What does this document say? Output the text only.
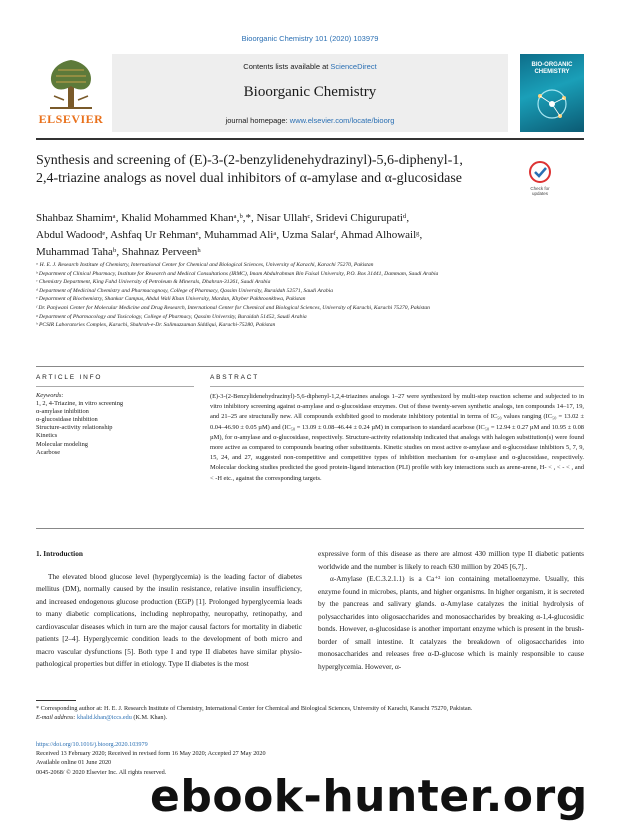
Bioorganic Chemistry 101 (2020) 103979
ELSEVIER
Contents lists available at ScienceDirect
Bioorganic Chemistry
journal homepage: www.elsevier.com/locate/bioorg
BIO-ORGANIC CHEMISTRY
Synthesis and screening of (E)-3-(2-benzylidenehydrazinyl)-5,6-diphenyl-1,
2,4-triazine analogs as novel dual inhibitors of α-amylase and α-glucosidase
Check for updates
Shahbaz Shamimᵃ, Khalid Mohammed Khanᵃ,ᵇ,*, Nisar Ullahᶜ, Sridevi Chigurupatiᵈ,
Abdul Wadoodᵉ, Ashfaq Ur Rehmanᵉ, Muhammad Aliᵃ, Uzma Salarᶠ, Ahmad Alhowailᵍ,
Muhammad Tahaᵇ, Shahnaz Perveenʰ

ᵃ H. E. J. Research Institute of Chemistry, International Center for Chemical and Biological Sciences, University of Karachi, Karachi 75270, Pakistan

ᵇ Department of Clinical Pharmacy, Institute for Research and Medical Consultations (IRMC), Imam Abdulrahman Bin Faisal University, P.O. Box 31441, Dammam, Saudi Arabia

ᶜ Chemistry Department, King Fahd University of Petroleum & Minerals, Dhahran-31261, Saudi Arabia

ᵈ Department of Medicinal Chemistry and Pharmacognosy, College of Pharmacy, Qassim University, Buraidah 52571, Saudi Arabia

ᵉ Department of Biochemistry, Shankar Campus, Abdul Wali Khan University, Mardan, Khyber Pakhtoonkhwa, Pakistan

ᶠ Dr. Panjwani Center for Molecular Medicine and Drug Research, International Center for Chemical and Biological Sciences, University of Karachi, Karachi 75270, Pakistan

ᵍ Department of Pharmacology and Toxicology, College of Pharmacy, Qassim University, Buraidah 51452, Saudi Arabia

ʰ PCSIR Laboratories Complex, Karachi, Shahrah-e-Dr. Salimuzzaman Siddiqui, Karachi-75280, Pakistan

ARTICLE INFO	ABSTRACT
Keywords:
1, 2, 4-Triazine, in vitro screening
α-amylase inhibition
α-glucosidase inhibition
Structure-activity relationship
Kinetics
Molecular modeling
Acarbose
(E)-3-(2-Benzylidenehydrazinyl)-5,6-diphenyl-1,2,4-triazines analogs 1–27 were synthesized by multi-step reaction scheme and subjected to in vitro inhibitory screening against α-amylase and α-glucosidase enzymes. Out of these twenty-seven synthetic analogs, ten compounds 14–17, 19, and 21–25 are structurally new. All compounds exhibited good to moderate inhibitory potential in terms of IC₅₀ values ranging (IC₅₀ = 13.02 ± 0.04–46.90 ± 0.05 µM) and (IC₅₀ = 13.09 ± 0.08–46.44 ± 0.24 µM) in comparison to standard acarbose (IC₅₀ = 12.94 ± 0.27 µM and 10.95 ± 0.08 µM), for α-amylase and α-glucosidase, respectively. Structure-activity relationship indicated that analogs with halogen substitution(s) were found more active as compared to compounds bearing other substituents. Kinetic studies on most active α-amylase and α-glucosidase inhibitors 5, 7, 9, 15, 24, and 27, suggested non-competitive and competitive types of inhibition mechanism for α-amylase and α-glucosidase, respectively. Molecular docking studies predicted the good protein-ligand interaction (PLI) profile with key interactions such as arene-arene, H- < , < - < , and < -H etc., against the corresponding targets.
1. Introduction

The elevated blood glucose level (hyperglycemia) is the leading factor of diabetes mellitus (DM), normally caused by the insulin resistance, relative insulin insufficiency, and increased endogenous glucose production (EGP) [1]. Prolonged hyperglycemia leads to many diabetic complications, including nephropathy, neuropathy, retinopathy, and cardiovascular diseases which in turn are the major causal factors for mortality in diabetic patients [2–4]. Hyperglycemic condition leads to the development of both micro and macro vascular dysfunctions [5]. Both type I and type II diabetes have similar physio-pathological properties but differ in etiology. Type II diabetes is the most

expressive form of this disease as there are almost 430 million type II diabetic patients worldwide and the number is likely to reach 630 million by 2045 [6,7]..

α-Amylase (E.C.3.2.1.1) is a Ca⁺² ion containing metalloenzyme. Usually, this enzyme found in microbes, plants, and higher organisms. In higher organism, it is secreted by the pancreas and salivary glands. α-Amylase catalyzes the initial hydrolysis of polysaccharides into oligosaccharides and monosaccharides by breaking α-1,4-glucosidic bonds. However, α-glucosidase is another important enzyme which is present in the brush-border of small intestine. It catalyzes the breakdown of oligosaccharides into monosaccharides and releases free α-D-glucose which is mainly responsible to cause hyperglycemia. However, α-

* Corresponding author at: H. E. J. Research Institute of Chemistry, International Center for Chemical and Biological Sciences, University of Karachi, Karachi 75270, Pakistan.

E-mail address: khalid.khan@iccs.edu (K.M. Khan).

https://doi.org/10.1016/j.bioorg.2020.103979
Received 13 February 2020; Received in revised form 16 May 2020; Accepted 27 May 2020
Available online 01 June 2020
0045-2068/ © 2020 Elsevier Inc. All rights reserved.
ebook-hunter.org
